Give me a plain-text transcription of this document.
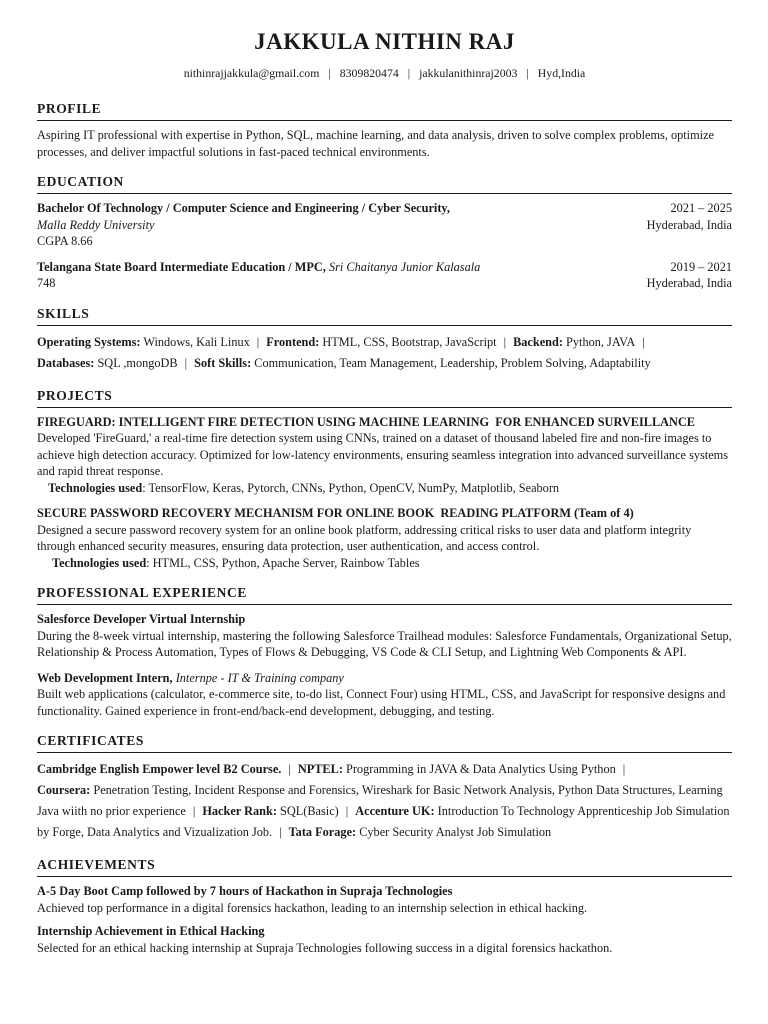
JAKKULA NITHIN RAJ
nithinrajjakkula@gmail.com | 8309820474 | jakkulanithinraj2003 | Hyd,India
PROFILE
Aspiring IT professional with expertise in Python, SQL, machine learning, and data analysis, driven to solve complex problems, optimize processes, and deliver impactful solutions in fast-paced technical environments.
EDUCATION
Bachelor Of Technology / Computer Science and Engineering / Cyber Security,	2021 – 2025
Malla Reddy University	Hyderabad, India
CGPA 8.66
Telangana State Board Intermediate Education / MPC, Sri Chaitanya Junior Kalasala	2019 – 2021
748	Hyderabad, India
SKILLS
Operating Systems: Windows, Kali Linux | Frontend: HTML, CSS, Bootstrap, JavaScript | Backend: Python, JAVA |
Databases: SQL ,mongoDB | Soft Skills: Communication, Team Management, Leadership, Problem Solving, Adaptability
PROJECTS
FIREGUARD: INTELLIGENT FIRE DETECTION USING MACHINE LEARNING  FOR ENHANCED SURVEILLANCE
Developed 'FireGuard,' a real-time fire detection system using CNNs, trained on a dataset of thousand labeled fire and non-fire images to achieve high detection accuracy. Optimized for low-latency environments, ensuring seamless integration into advanced surveillance systems and rapid threat response.
Technologies used: TensorFlow, Keras, Pytorch, CNNs, Python, OpenCV, NumPy, Matplotlib, Seaborn
SECURE PASSWORD RECOVERY MECHANISM FOR ONLINE BOOK  READING PLATFORM (Team of 4)
Designed a secure password recovery system for an online book platform, addressing critical risks to user data and platform integrity through enhanced security measures, ensuring data protection, user authentication, and access control.
Technologies used: HTML, CSS, Python, Apache Server, Rainbow Tables
PROFESSIONAL EXPERIENCE
Salesforce Developer Virtual Internship
During the 8-week virtual internship, mastering the following Salesforce Trailhead modules: Salesforce Fundamentals, Organizational Setup, Relationship & Process Automation, Types of Flows & Debugging, VS Code & CLI Setup, and Lightning Web Components & API.
Web Development Intern, Internpe - IT & Training company
Built web applications (calculator, e-commerce site, to-do list, Connect Four) using HTML, CSS, and JavaScript for responsive designs and functionality. Gained experience in front-end/back-end development, debugging, and testing.
CERTIFICATES
Cambridge English Empower level B2 Course. | NPTEL: Programming in JAVA & Data Analytics Using Python |
Coursera: Penetration Testing, Incident Response and Forensics, Wireshark for Basic Network Analysis, Python Data Structures, Learning Java wiith no prior experience | Hacker Rank: SQL(Basic) | Accenture UK: Introduction To Technology Apprenticeship Job Simulation by Forge, Data Analytics and Vizualization Job. | Tata Forage: Cyber Security Analyst Job Simulation
ACHIEVEMENTS
A-5 Day Boot Camp followed by 7 hours of Hackathon in Supraja Technologies
Achieved top performance in a digital forensics hackathon, leading to an internship selection in ethical hacking.
Internship Achievement in Ethical Hacking
Selected for an ethical hacking internship at Supraja Technologies following success in a digital forensics hackathon.
